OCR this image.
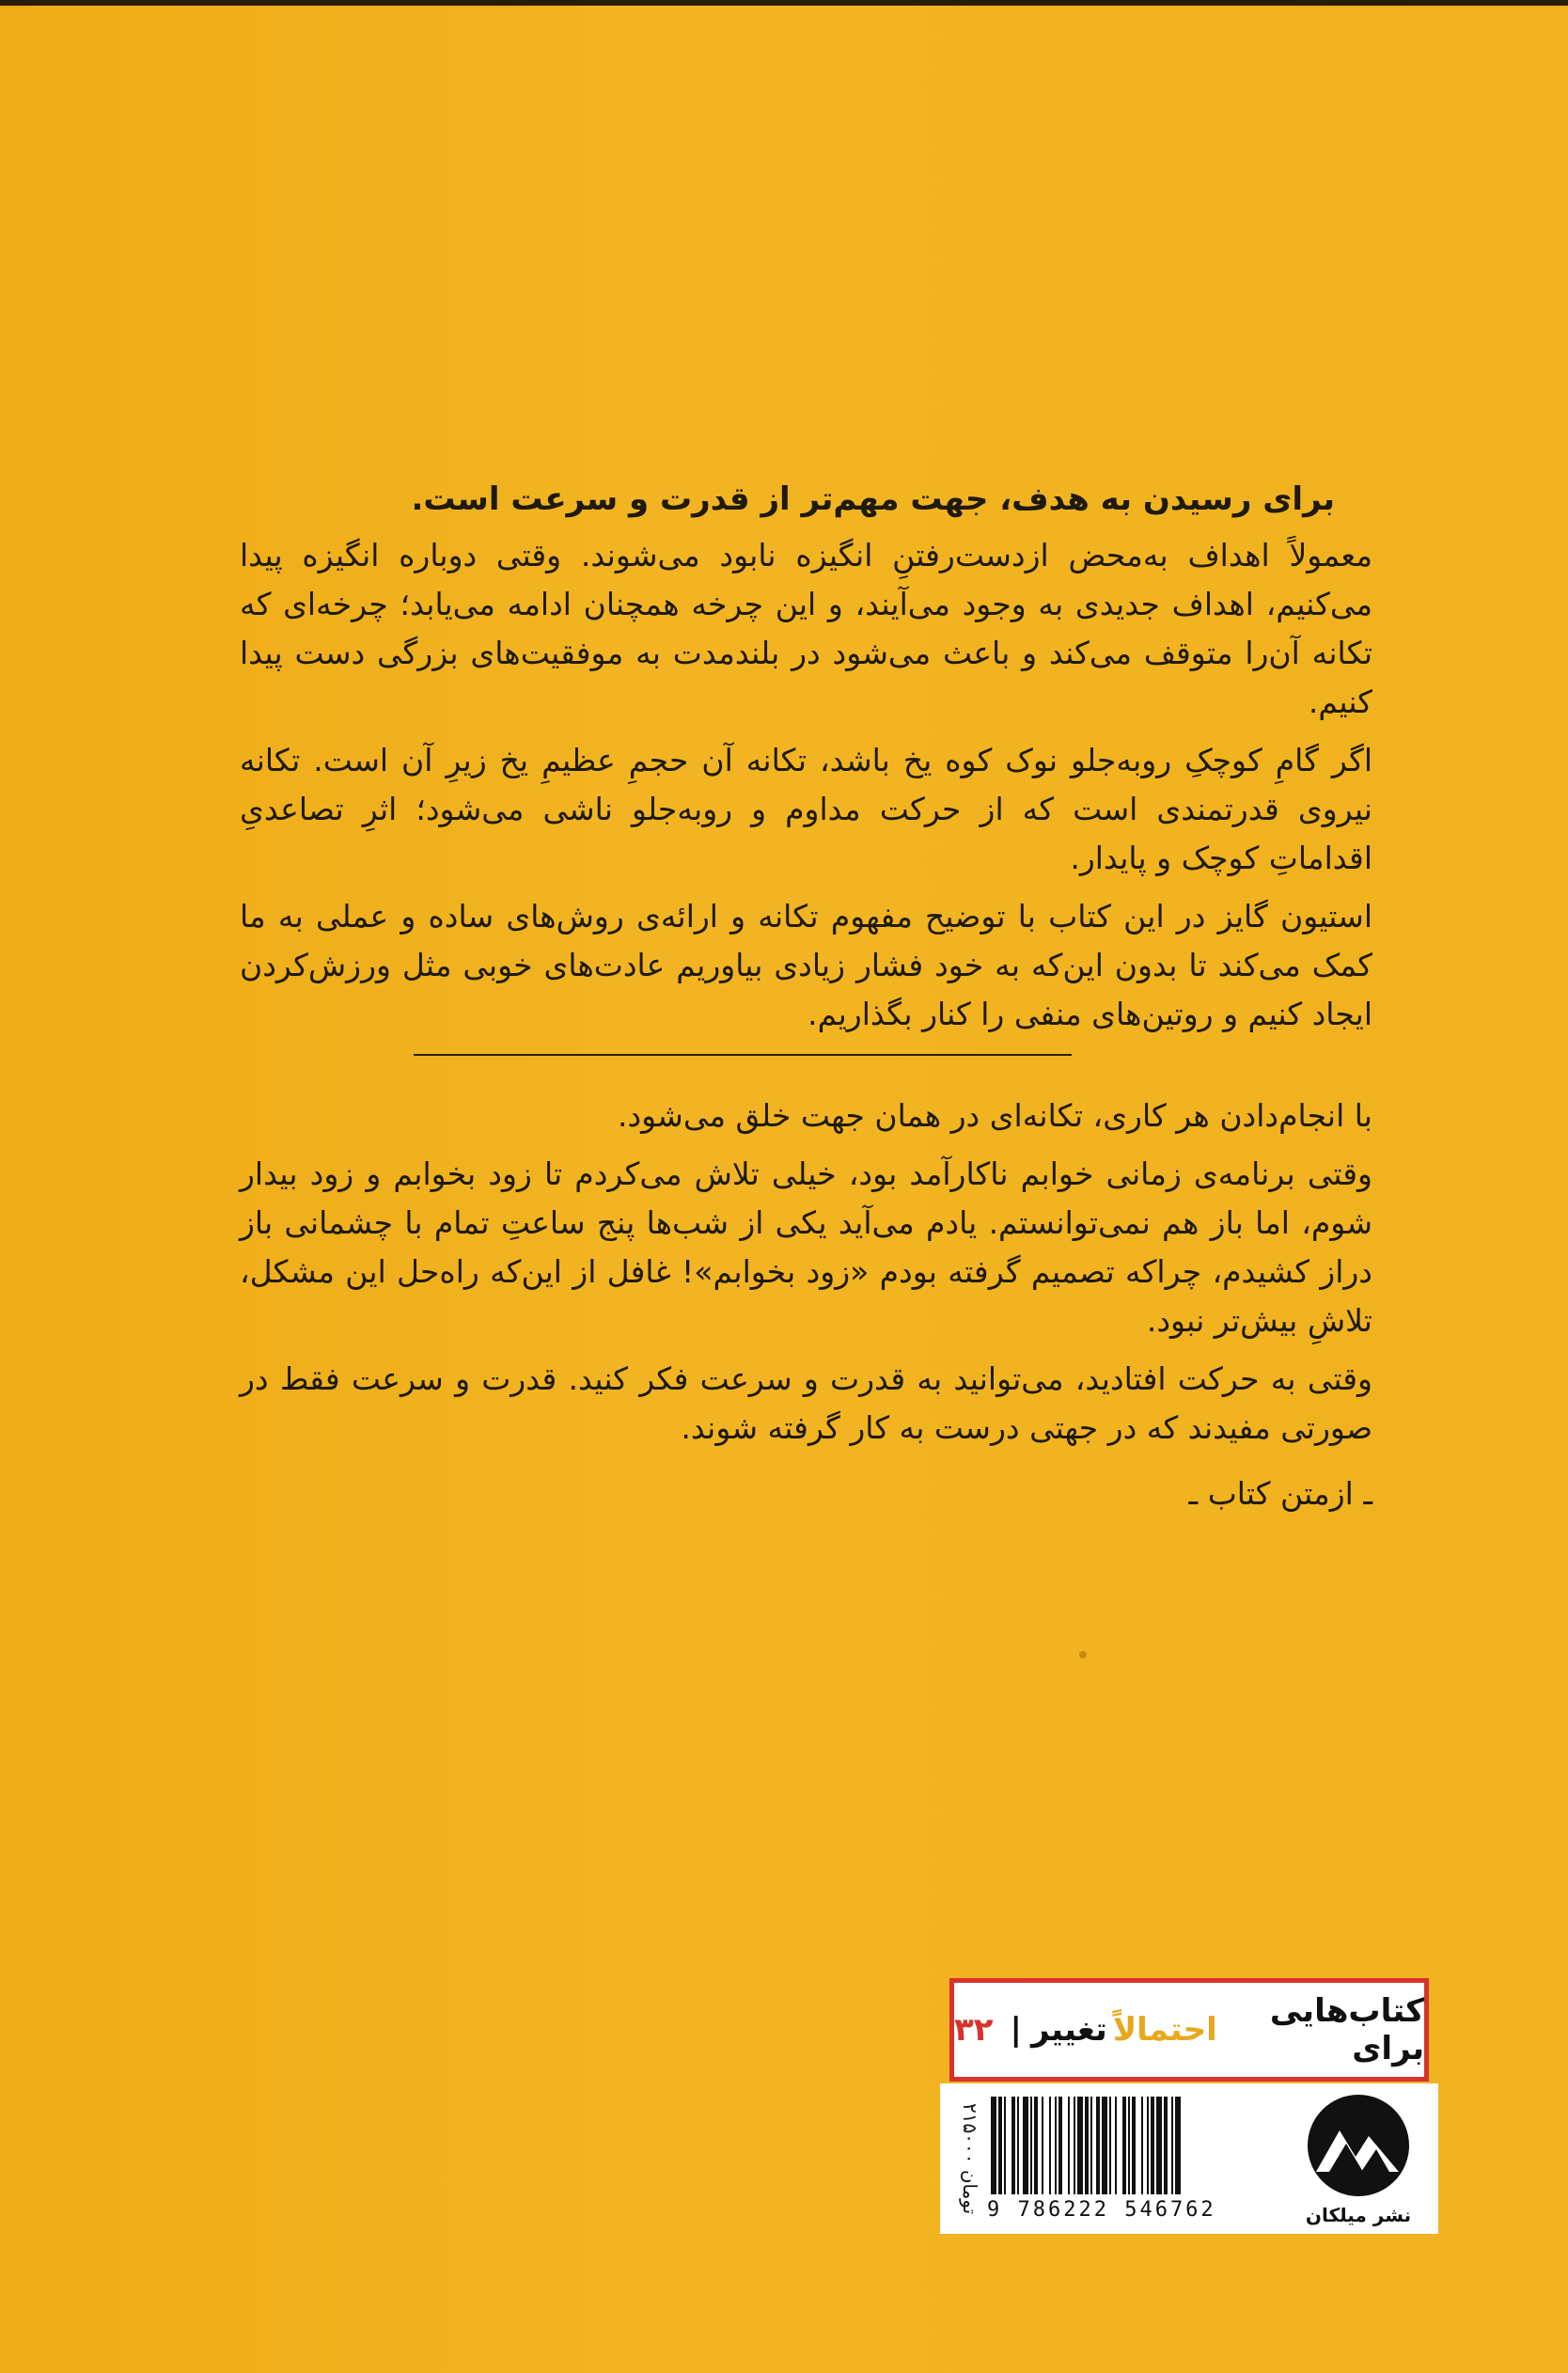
برای رسیدن به هدف، جهت مهم‌تر از قدرت و سرعت است.

معمولاً اهداف به‌محض ازدست‌رفتنِ انگیزه نابود می‌شوند. وقتی دوباره انگیزه پیدا می‌کنیم، اهداف جدیدی به وجود می‌آیند، و این چرخه همچنان ادامه می‌یابد؛ چرخه‌ای که تکانه آن‌را متوقف می‌کند و باعث می‌شود در بلندمدت به موفقیت‌های بزرگی دست پیدا کنیم.

اگر گامِ کوچکِ روبه‌جلو نوک کوه یخ باشد، تکانه آن حجمِ عظیمِ یخ زیرِ آن است. تکانه نیروی قدرتمندی است که از حرکت مداوم و روبه‌جلو ناشی می‌شود؛ اثرِ تصاعدیِ اقداماتِ کوچک و پایدار.

استیون گایز در این کتاب با توضیح مفهوم تکانه و ارائه‌ی روش‌های ساده و عملی به ما کمک می‌کند تا بدون این‌که به خود فشار زیادی بیاوریم عادت‌های خوبی مثل ورزش‌کردن ایجاد کنیم و روتین‌های منفی را کنار بگذاریم.

با انجام‌دادن هر کاری، تکانه‌ای در همان جهت خلق می‌شود.

وقتی برنامه‌ی زمانی خوابم ناکارآمد بود، خیلی تلاش می‌کردم تا زود بخوابم و زود بیدار شوم، اما باز هم نمی‌توانستم. یادم می‌آید یکی از شب‌ها پنج ساعتِ تمام با چشمانی باز دراز کشیدم، چراکه تصمیم گرفته بودم «زود بخوابم»! غافل از این‌که راه‌حل این مشکل، تلاشِ بیش‌تر نبود.

وقتی به حرکت افتادید، می‌توانید به قدرت و سرعت فکر کنید. قدرت و سرعت فقط در صورتی مفیدند که در جهتی درست به کار گرفته شوند.

ـ ازمتن کتاب ـ
کتاب‌هایی برای
احتمالاً
تغییر
|
۳۲
۲۱۵۰۰۰ تومان 9 786222 546762	نشر میلکان
